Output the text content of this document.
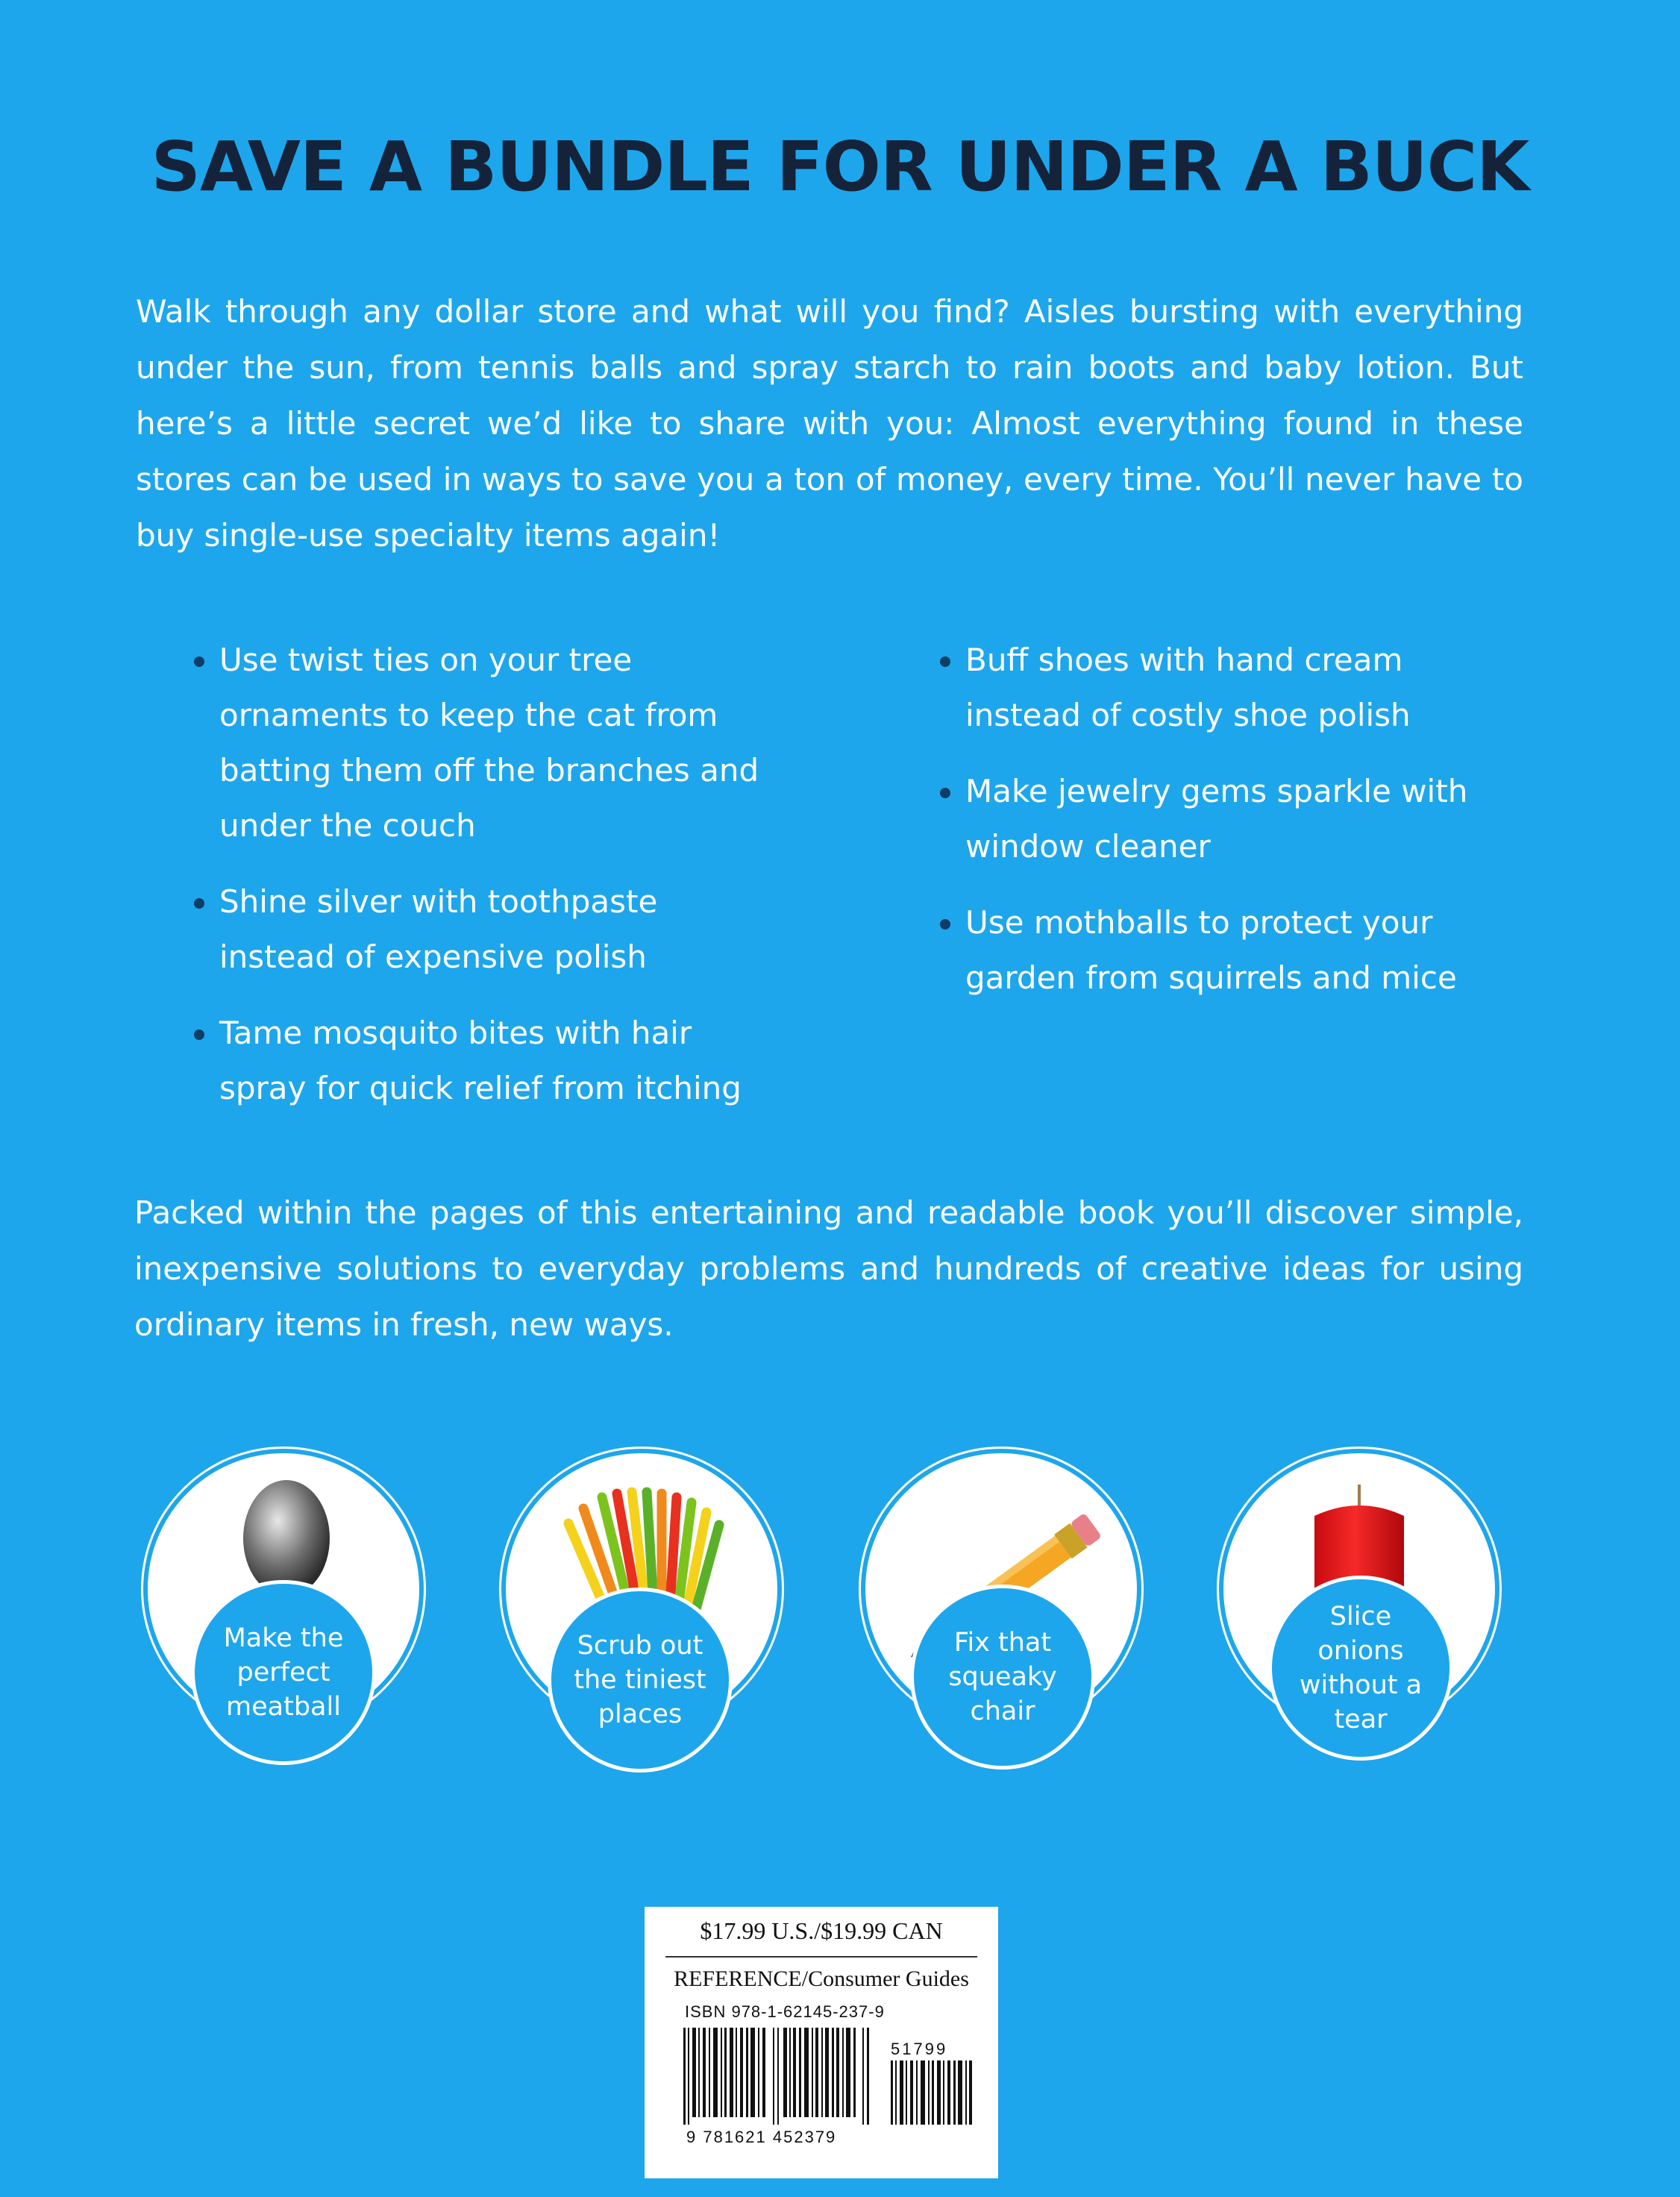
SAVE A BUNDLE FOR UNDER A BUCK
Walk through any dollar store and what will you find? Aisles bursting with everything under the sun, from tennis balls and spray starch to rain boots and baby lotion. But here’s a little secret we’d like to share with you: Almost everything found in these stores can be used in ways to save you a ton of money, every time. You’ll never have to buy single-use specialty items again!
Use twist ties on your tree ornaments to keep the cat from batting them off the branches and under the couch
Shine silver with toothpaste instead of expensive polish
Tame mosquito bites with hair spray for quick relief from itching
Buff shoes with hand cream instead of costly shoe polish
Make jewelry gems sparkle with window cleaner
Use mothballs to protect your garden from squirrels and mice
Packed within the pages of this entertaining and readable book you’ll discover simple, inexpensive solutions to everyday problems and hundreds of creative ideas for using ordinary items in fresh, new ways.
Make the perfect meatball
Scrub out the tiniest places
Fix that squeaky chair
Slice onions without a tear
$17.99 U.S./$19.99 CAN
REFERENCE/Consumer Guides
ISBN 978-1-62145-237-9
51799
9 781621 452379
